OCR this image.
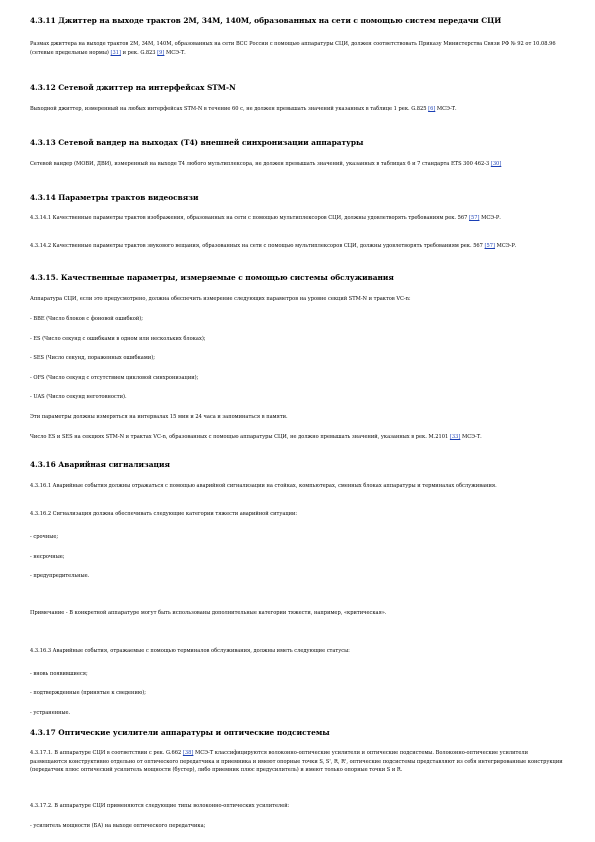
4.3.11 Джиттер на выходе трактов 2М, 34М, 140М, образованных на сети с помощью систем передачи СЦИ

Размах джиттера на выходе трактов 2М, 34М, 140М, образованных на сети ВСС России с помощью аппаратуры СЦИ, должен соответствовать Приказу Министерства Связи РФ № 92 от 10.08.96 (сетевые предельные нормы) [31] и рек. G.823 [9] МСЭ-Т.

4.3.12 Сетевой джиттер на интерфейсах STM-N

Выходной джиттер, измеренный на любых интерфейсах STM-N в течение 60 с, не должен превышать значений указанных в таблице 1 рек. G.825 [6] МСЭ-Т.

4.3.13 Сетевой вандер на выходах (Т4) внешней синхронизации аппаратуры

Сетевой вандер (МОВИ, ДВИ), измеренный на выходе Т4 любого мультиплексора, не должен превышать значений, указанных в таблицах 6 и 7 стандарта ETS 300 462-3 [30]

4.3.14 Параметры трактов видеосвязи

4.3.14.1 Качественные параметры трактов изображения, образованных на сети с помощью мультиплексоров СЦИ, должны удовлетворять требованиям рек. 567 [57] МСЭ-Р.

4.3.14.2 Качественные параметры трактов звукового вещания, образованных на сети с помощью мультиплексоров СЦИ, должны удовлетворять требованиям рек. 567 [57] МСЭ-Р.

4.3.15. Качественные параметры, измеряемые с помощью системы обслуживания

Аппаратура СЦИ, если это предусмотрено, должна обеспечить измерение следующих параметров на уровне секций STM-N и трактов VC-n:

- ВВЕ (Число блоков с фоновой ошибкой);

- ES (Число секунд с ошибками в одном или нескольких блоках);

- SES (Число секунд, пораженных ошибками);

- OFS (Число секунд с отсутствием цикловой синхронизации);

- UAS (Число секунд неготовности).

Эти параметры должны измеряться на интервалах 15 мин и 24 часа и запоминаться в памяти.

Число ES и SES на секциях STM-N и трактах VC-n, образованных с помощью аппаратуры СЦИ, не должно превышать значений, указанных в рек. M.2101 [33] МСЭ-Т.

4.3.16 Аварийная сигнализация

4.3.16.1 Аварийные события должны отражаться с помощью аварийной сигнализации на стойках, компьютерах, сменных блоках аппаратуры и терминалах обслуживания.

4.3.16.2 Сигнализация должна обеспечивать следующие категории тяжести аварийной ситуации:

- срочные;

- несрочные;

- предупредительные.

Примечание - В конкретной аппаратуре могут быть использованы дополнительные категории тяжести, например, «критическая».

4.3.16.3 Аварийные события, отражаемые с помощью терминалов обслуживания, должны иметь следующие статусы:

- вновь появившиеся;

- подтвержденные (принятые к сведению);

- устраненные.

4.3.17 Оптические усилители аппаратуры и оптические подсистемы

4.3.17.1. В аппаратуре СЦИ в соответствии с рек. G.662 [38] МСЭ-Т классифицируются волоконно-оптические усилители и оптические подсистемы. Волоконно-оптические усилители размещаются конструктивно отдельно от оптического передатчика и приемника и имеют опорные точки S, S', R, R', оптические подсистемы представляют из себя интегрированные конструкции (передатчик плюс оптический усилитель мощности (бустер), либо приемник плюс предусилитель) и имеют только опорные точки S и R.

4.3.17.2. В аппаратуре СЦИ применяются следующие типы волоконно-оптических усилителей:

- усилитель мощности (БА) на выходе оптического передатчика;
